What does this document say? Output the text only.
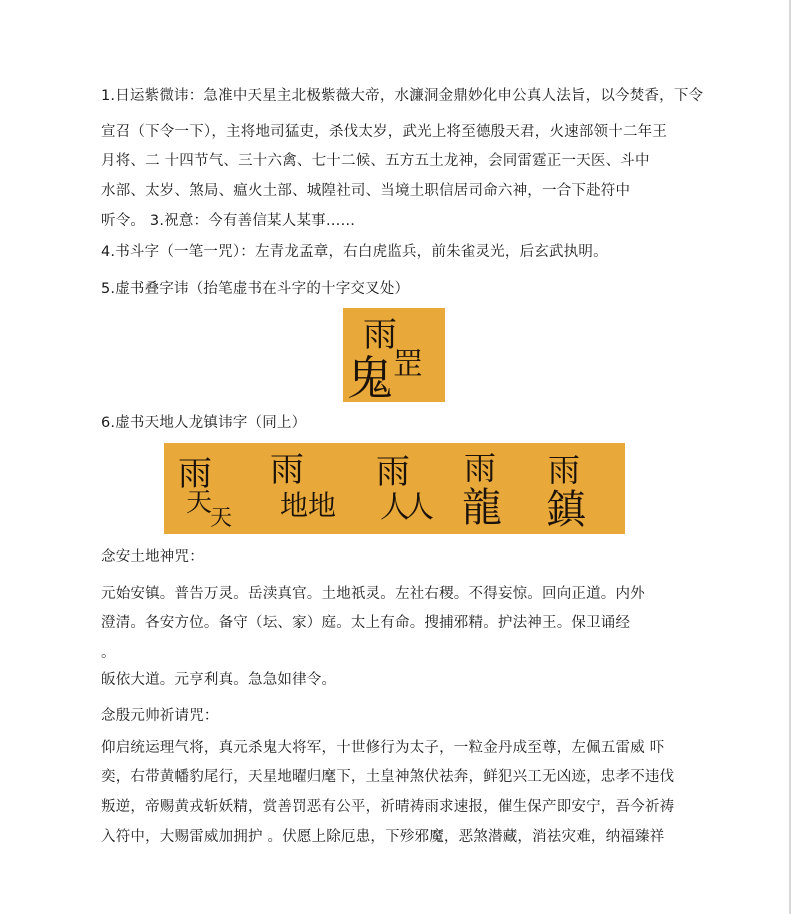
1.日运紫微讳：急准中天星主北极紫薇大帝，水濂洞金鼎妙化申公真人法旨，以今焚香，下令
宣召（下令一下），主将地司猛吏，杀伐太岁，武光上将至德殷天君，火速部领十二年王
月将、二 十四节气、三十六禽、七十二候、五方五土龙神，会同雷霆正一天医、斗中
水部、太岁、煞局、瘟火土部、城隍社司、当境土职信居司命六神，一合下赴符中
听令。 3.祝意：今有善信某人某事……
4.书斗字（一笔一咒）：左青龙孟章，右白虎监兵，前朱雀灵光，后玄武执明。
5.虚书叠字讳（抬笔虚书在斗字的十字交叉处）
雨
罡
鬼
6.虚书天地人龙镇讳字（同上）
雨
天
天
雨
地 地
雨
人
人
雨
龍
雨
鎮
念安土地神咒：
元始安镇。普告万灵。岳渎真官。土地祇灵。左社右稷。不得妄惊。回向正道。内外
澄清。各安方位。备守（坛、家）庭。太上有命。搜捕邪精。护法神王。保卫诵经
。
皈依大道。元亨利真。急急如律令。
念殷元帅祈请咒：
仰启统运理气将，真元杀鬼大将军，十世修行为太子，一粒金丹成至尊，左佩五雷威 吓
奕，右带黄幡豹尾行，天星地曜归麾下，土皇神煞伏祛奔，鲜犯兴工无凶迹，忠孝不违伐
叛逆，帝赐黄戎斩妖精，赏善罚恶有公平，祈晴祷雨求速报，催生保产即安宁，吾今祈祷
入符中，大赐雷威加拥护 。伏愿上除厄患，下殄邪魔，恶煞潜藏，消祛灾难，纳福臻祥
